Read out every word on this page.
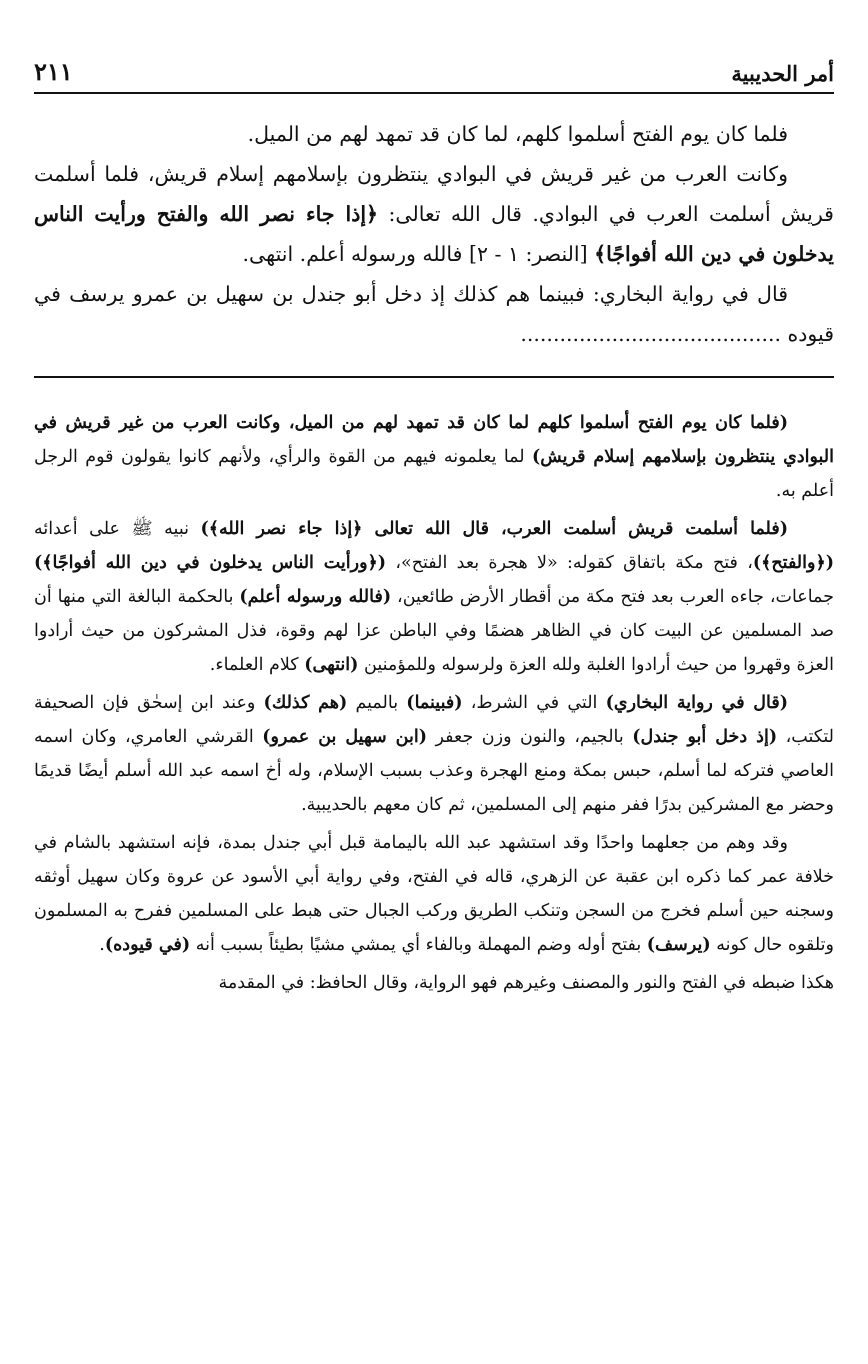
أمر الحديبية
٢١١

فلما كان يوم الفتح أسلموا كلهم، لما كان قد تمهد لهم من الميل.

وكانت العرب من غير قريش في البوادي ينتظرون بإسلامهم إسلام قريش، فلما أسلمت قريش أسلمت العرب في البوادي. قال الله تعالى: ﴿إذا جاء نصر الله والفتح ورأيت الناس يدخلون في دين الله أفواجًا﴾ [النصر: ١ - ٢] فالله ورسوله أعلم. انتهى.

قال في رواية البخاري: فبينما هم كذلك إذ دخل أبو جندل بن سهيل بن عمرو يرسف في قيوده ........................................

(فلما كان يوم الفتح أسلموا كلهم لما كان قد تمهد لهم من الميل، وكانت العرب من غير قريش في البوادي ينتظرون بإسلامهم إسلام قريش) لما يعلمونه فيهم من القوة والرأي، ولأنهم كانوا يقولون قوم الرجل أعلم به.

(فلما أسلمت قريش أسلمت العرب، قال الله تعالى ﴿إذا جاء نصر الله﴾) نبيه ﷺ على أعدائه (﴿والفتح﴾)، فتح مكة باتفاق كقوله: «لا هجرة بعد الفتح»، (﴿ورأيت الناس يدخلون في دين الله أفواجًا﴾) جماعات، جاءه العرب بعد فتح مكة من أقطار الأرض طائعين، (فالله ورسوله أعلم) بالحكمة البالغة التي منها أن صد المسلمين عن البيت كان في الظاهر هضمًا وفي الباطن عزا لهم وقوة، فذل المشركون من حيث أرادوا العزة وقهروا من حيث أرادوا الغلبة ولله العزة ولرسوله وللمؤمنين (انتهى) كلام العلماء.

(قال في رواية البخاري) التي في الشرط، (فبينما) بالميم (هم كذلك) وعند ابن إسحٰق فإن الصحيفة لتكتب، (إذ دخل أبو جندل) بالجيم، والنون وزن جعفر (ابن سهيل بن عمرو) القرشي العامري، وكان اسمه العاصي فتركه لما أسلم، حبس بمكة ومنع الهجرة وعذب بسبب الإسلام، وله أخ اسمه عبد الله أسلم أيضًا قديمًا وحضر مع المشركين بدرًا ففر منهم إلى المسلمين، ثم كان معهم بالحديبية.

وقد وهم من جعلهما واحدًا وقد استشهد عبد الله باليمامة قبل أبي جندل بمدة، فإنه استشهد بالشام في خلافة عمر كما ذكره ابن عقبة عن الزهري، قاله في الفتح، وفي رواية أبي الأسود عن عروة وكان سهيل أوثقه وسجنه حين أسلم فخرج من السجن وتنكب الطريق وركب الجبال حتى هبط على المسلمين ففرح به المسلمون وتلقوه حال كونه (يرسف) بفتح أوله وضم المهملة وبالفاء أي يمشي مشيًا بطيئاً بسبب أنه (في قيوده).

هكذا ضبطه في الفتح والنور والمصنف وغيرهم فهو الرواية، وقال الحافظ: في المقدمة
